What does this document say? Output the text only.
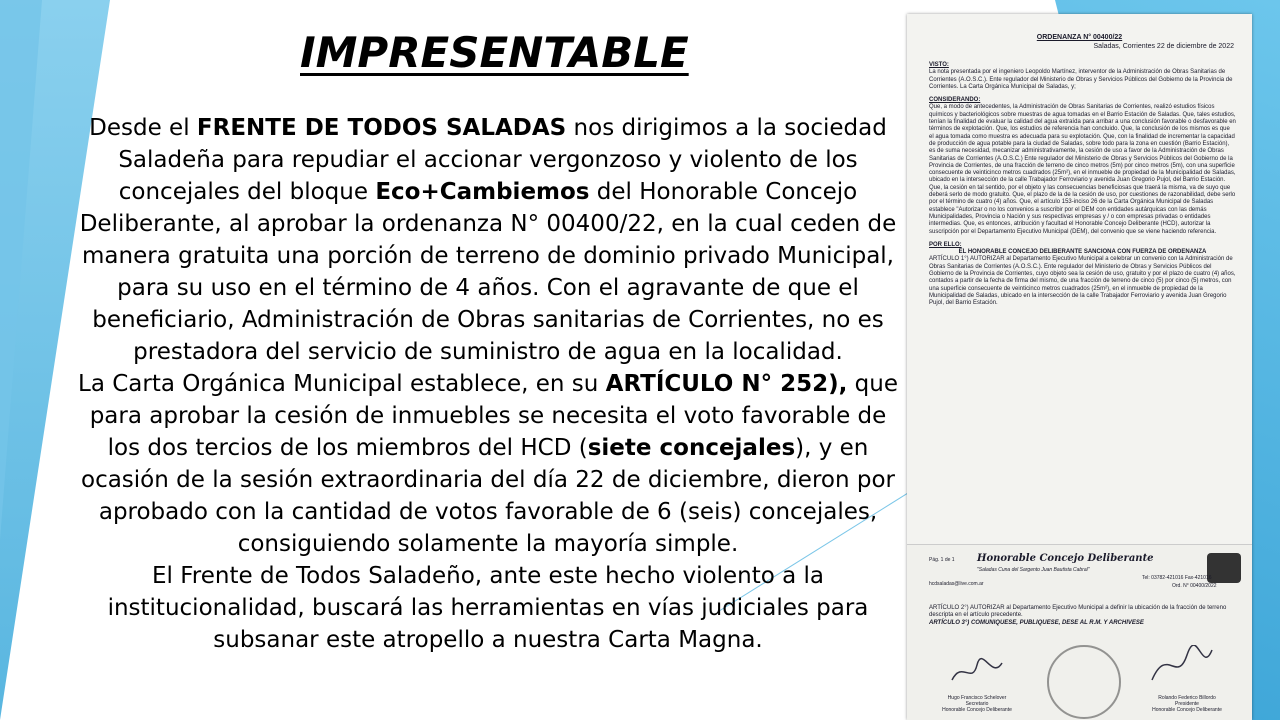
IMPRESENTABLE

Desde el FRENTE DE TODOS SALADAS nos dirigimos a la sociedad Saladeña para repudiar el accionar vergonzoso y violento de los concejales del bloque Eco+Cambiemos del Honorable Concejo Deliberante, al aprobar la ordenanza N° 00400/22, en la cual ceden de manera gratuita una porción de terreno de dominio privado Municipal, para su uso en el término de 4 años. Con el agravante de que el beneficiario, Administración de Obras sanitarias de Corrientes, no es prestadora del servicio de suministro de agua en la localidad.

La Carta Orgánica Municipal establece, en su ARTÍCULO N° 252), que para aprobar la cesión de inmuebles se necesita el voto favorable de los dos tercios de los miembros del HCD (siete concejales), y en ocasión de la sesión extraordinaria del día 22 de diciembre, dieron por aprobado con la cantidad de votos favorable de 6 (seis) concejales, consiguiendo solamente la mayoría simple.

El Frente de Todos Saladeño, ante este hecho violento a la institucionalidad, buscará las herramientas en vías judiciales para subsanar este atropello a nuestra Carta Magna.

ORDENANZA N° 00400/22
Saladas, Corrientes 22 de diciembre de 2022
VISTO:
La nota presentada por el ingeniero Leopoldo Martínez, interventor de la Administración de Obras Sanitarias de Corrientes (A.O.S.C.). Ente regulador del Ministerio de Obras y Servicios Públicos del Gobierno de la Provincia de Corrientes. La Carta Orgánica Municipal de Saladas, y;
CONSIDERANDO:
Que, a modo de antecedentes, la Administración de Obras Sanitarias de Corrientes, realizó estudios físicos químicos y bacteriológicos sobre muestras de agua tomadas en el Barrio Estación de Saladas. Que, tales estudios, tenían la finalidad de evaluar la calidad del agua extraída para arribar a una conclusión favorable o desfavorable en términos de explotación. Que, los estudios de referencia han concluido. Que, la conclusión de los mismos es que el agua tomada como muestra es adecuada para su explotación. Que, con la finalidad de incrementar la capacidad de producción de agua potable para la ciudad de Saladas, sobre todo para la zona en cuestión (Barrio Estación), es de suma necesidad, mecanizar administrativamente, la cesión de uso a favor de la Administración de Obras Sanitarias de Corrientes (A.O.S.C.) Ente regulador del Ministerio de Obras y Servicios Públicos del Gobierno de la Provincia de Corrientes, de una fracción de terreno de cinco metros (5m) por cinco metros (5m), con una superficie consecuente de veinticinco metros cuadrados (25m²), en el inmueble de propiedad de la Municipalidad de Saladas, ubicado en la intersección de la calle Trabajador Ferroviario y avenida Juan Gregorio Pujol, del Barrio Estación. Que, la cesión en tal sentido, por el objeto y las consecuencias beneficiosas que traerá la misma, va de suyo que deberá serlo de modo gratuito. Que, el plazo de la de la cesión de uso, por cuestiones de razonabilidad, debe serlo por el término de cuatro (4) años. Que, el artículo 153-inciso 26 de la Carta Orgánica Municipal de Saladas establece "Autorizar o no los convenios a suscribir por el DEM con entidades autárquicas con las demás Municipalidades, Provincia o Nación y sus respectivas empresas y / o con empresas privadas o entidades intermedias. Que, es entonces, atribución y facultad el Honorable Concejo Deliberante (HCD), autorizar la suscripción por el Departamento Ejecutivo Municipal (DEM), del convenio que se viene haciendo referencia.
POR ELLO:
EL HONORABLE CONCEJO DELIBERANTE SANCIONA CON FUERZA DE ORDENANZA
ARTÍCULO 1°) AUTORIZAR al Departamento Ejecutivo Municipal a celebrar un convenio con la Administración de Obras Sanitarias de Corrientes (A.O.S.C.). Ente regulador del Ministerio de Obras y Servicios Públicos del Gobierno de la Provincia de Corrientes, cuyo objeto sea la cesión de uso, gratuito y por el plazo de cuatro (4) años, contados a partir de la fecha de firma del mismo, de una fracción de terreno de cinco (5) por cinco (5) metros, con una superficie consecuente de veinticinco metros cuadrados (25m²), en el inmueble de propiedad de la Municipalidad de Saladas, ubicado en la intersección de la calle Trabajador Ferroviario y avenida Juan Gregorio Pujol, del Barrio Estación.
Pág. 1 de 1 Honorable Concejo Deliberante
"Saladas Cuna del Sargento Juan Bautista Cabral"
hcdsaladas@live.com.ar
Tel: 03782-421016 Fax-421016
Ord. N° 00400/2022
ARTÍCULO 2°) AUTORIZAR al Departamento Ejecutivo Municipal a definir la ubicación de la fracción de terreno descripta en el artículo precedente.
ARTÍCULO 3°) COMUNIQUESE, PUBLIQUESE, DESE AL R.M. Y ARCHIVESE
Hugo Francisco Schelover
Secretario
Honorable Concejo Deliberante
Rolando Federico Billordo
Presidente
Honorable Concejo Deliberante
